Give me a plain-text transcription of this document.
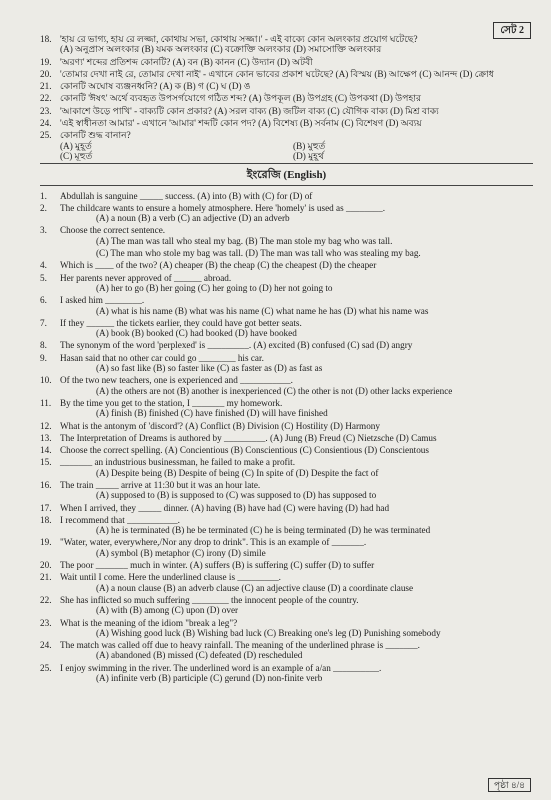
সেট 2
18. 'হায় রে ভাগ্য, হায় রে লজ্জা, কোথায় সভা, কোথায় সজ্জা।' - এই বাক্যে কোন অলংকার প্রয়োগ ঘটেছে?
(A) অনুপ্রাস অলংকার (B) যমক অলংকার (C) বক্রোক্তি অলংকার (D) সমাসোক্তি অলংকার
19. 'অরণ্য' শব্দের প্রতিশব্দ কোনটি? (A) বন (B) কানন (C) উদ্যান (D) অটবী
20. 'তোমার দেখা নাই রে, তোমার দেখা নাই' - এখানে কোন ভাবের প্রকাশ ঘটেছে? (A) বিস্ময় (B) আক্ষেপ (C) আনন্দ (D) ক্রোধ
21. কোনটি অঘোষ ব্যঞ্জনধ্বনি? (A) ক (B) গ (C) ঘ (D) ঙ
22. কোনটি 'ঈষৎ' অর্থে ব্যবহৃত উপসর্গযোগে গঠিত শব্দ? (A) উপকূল (B) উপগ্রহ (C) উপকথা (D) উপহার
23. 'আকাশে উড়ে পাখি' - বাক্যটি কোন প্রকার? (A) সরল বাক্য (B) জটিল বাক্য (C) যৌগিক বাক্য (D) মিশ্র বাক্য
24. 'এই স্বাধীনতা আমার' - এখানে 'আমার' শব্দটি কোন পদ? (A) বিশেষ্য (B) সর্বনাম (C) বিশেষণ (D) অব্যয়
25. কোনটি শুদ্ধ বানান?
(A) মুহূর্ত	(B) মুহুর্ত
(C) মূহুর্ত	(D) মুহূর্থ
ইংরেজি (English)
1.	Abdullah is sanguine _____ success. (A) into (B) with (C) for (D) of
2.	The childcare wants to ensure a homely atmosphere. Here 'homely' is used as ________.
(A) a noun (B) a verb (C) an adjective (D) an adverb
3.	Choose the correct sentence.
(A) The man was tall who steal my bag. (B) The man stole my bag who was tall.
(C) The man who stole my bag was tall. (D) The man was tall who was stealing my bag.
4.	Which is ____ of the two? (A) cheaper (B) the cheap (C) the cheapest (D) the cheaper
5.	Her parents never approved of ______ abroad.
(A) her to go (B) her going (C) her going to (D) her not going to
6.	I asked him ________.
(A) what is his name (B) what was his name (C) what name he has (D) what his name was
7.	If they ______ the tickets earlier, they could have got better seats.
(A) book (B) booked (C) had booked (D) have booked
8.	The synonym of the word 'perplexed' is _________. (A) excited (B) confused (C) sad (D) angry
9.	Hasan said that no other car could go ________ his car.
(A) so fast like (B) so faster like (C) as faster as (D) as fast as
10. Of the two new teachers, one is experienced and ___________.
(A) the others are not (B) another is inexperienced (C) the other is not (D) other lacks experience
11. By the time you get to the station, I _______ my homework.
(A) finish (B) finished (C) have finished (D) will have finished
12. What is the antonym of 'discord'? (A) Conflict (B) Division (C) Hostility (D) Harmony
13. The Interpretation of Dreams is authored by _________. (A) Jung (B) Freud (C) Nietzsche (D) Camus
14. Choose the correct spelling. (A) Concientious (B) Conscientious (C) Consientious (D) Conscientous
15. _______ an industrious businessman, he failed to make a profit.
(A) Despite being (B) Despite of being (C) In spite of (D) Despite the fact of
16. The train _____ arrive at 11:30 but it was an hour late.
(A) supposed to (B) is supposed to (C) was supposed to (D) has supposed to
17. When I arrived, they _____ dinner. (A) having (B) have had (C) were having (D) had had
18. I recommend that ___________.
(A) he is terminated (B) he be terminated (C) he is being terminated (D) he was terminated
19. "Water, water, everywhere,/Nor any drop to drink". This is an example of _______.
(A) symbol (B) metaphor (C) irony (D) simile
20. The poor _______ much in winter. (A) suffers (B) is suffering (C) suffer (D) to suffer
21. Wait until I come. Here the underlined clause is _________.
(A) a noun clause (B) an adverb clause (C) an adjective clause (D) a coordinate clause
22. She has inflicted so much suffering ________ the innocent people of the country.
(A) with (B) among (C) upon (D) over
23. What is the meaning of the idiom "break a leg"?
(A) Wishing good luck (B) Wishing bad luck (C) Breaking one's leg (D) Punishing somebody
24. The match was called off due to heavy rainfall. The meaning of the underlined phrase is _______.
(A) abandoned (B) missed (C) defeated (D) rescheduled
25. I enjoy swimming in the river. The underlined word is an example of a/an __________.
(A) infinite verb (B) participle (C) gerund (D) non-finite verb
পৃষ্ঠা ৪/৪
